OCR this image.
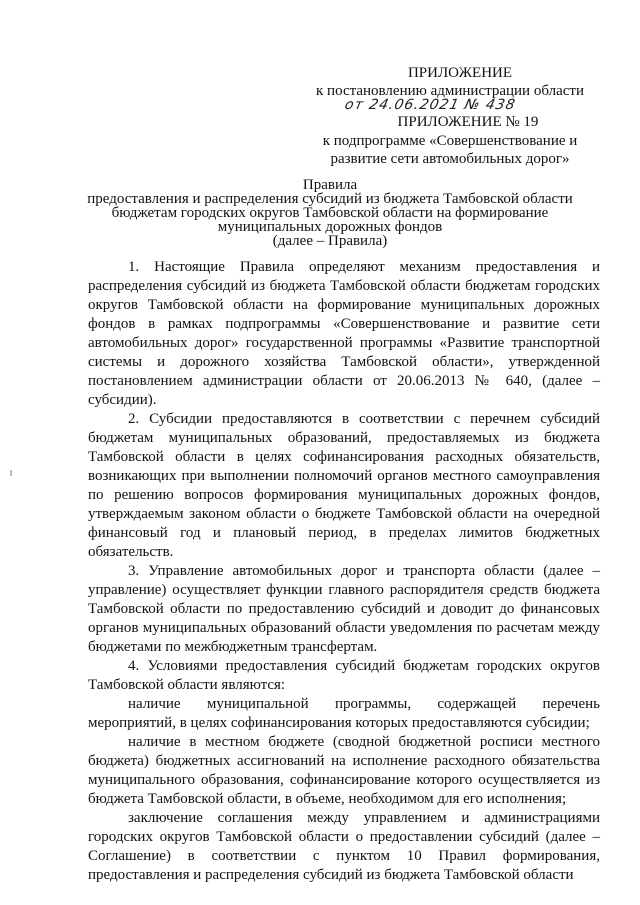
ПРИЛОЖЕНИЕ
к постановлению администрации области
от 24.06.2021 № 438
ПРИЛОЖЕНИЕ № 19
к подпрограмме «Совершенствование и
развитие сети автомобильных дорог»
Правила
предоставления и распределения субсидий из бюджета Тамбовской области
бюджетам городских округов Тамбовской области на формирование
муниципальных дорожных фондов
(далее – Правила)

1. Настоящие Правила определяют механизм предоставления и распределения субсидий из бюджета Тамбовской области бюджетам городских округов Тамбовской области на формирование муниципальных дорожных фондов в рамках подпрограммы «Совершенствование и развитие сети автомобильных дорог» государственной программы «Развитие транспортной системы и дорожного хозяйства Тамбовской области», утвержденной постановлением администрации области от 20.06.2013 № 640, (далее – субсидии).

2. Субсидии предоставляются в соответствии с перечнем субсидий бюджетам муниципальных образований, предоставляемых из бюджета Тамбовской области в целях софинансирования расходных обязательств, возникающих при выполнении полномочий органов местного самоуправления по решению вопросов формирования муниципальных дорожных фондов, утверждаемым законом области о бюджете Тамбовской области на очередной финансовый год и плановый период, в пределах лимитов бюджетных обязательств.

3. Управление автомобильных дорог и транспорта области (далее – управление) осуществляет функции главного распорядителя средств бюджета Тамбовской области по предоставлению субсидий и доводит до финансовых органов муниципальных образований области уведомления по расчетам между бюджетами по межбюджетным трансфертам.

4. Условиями предоставления субсидий бюджетам городских округов Тамбовской области являются:

наличие муниципальной программы, содержащей перечень мероприятий, в целях софинансирования которых предоставляются субсидии;

наличие в местном бюджете (сводной бюджетной росписи местного бюджета) бюджетных ассигнований на исполнение расходного обязательства муниципального образования, софинансирование которого осуществляется из бюджета Тамбовской области, в объеме, необходимом для его исполнения;

заключение соглашения между управлением и администрациями городских округов Тамбовской области о предоставлении субсидий (далее – Соглашение) в соответствии с пунктом 10 Правил формирования, предоставления и распределения субсидий из бюджета Тамбовской области
